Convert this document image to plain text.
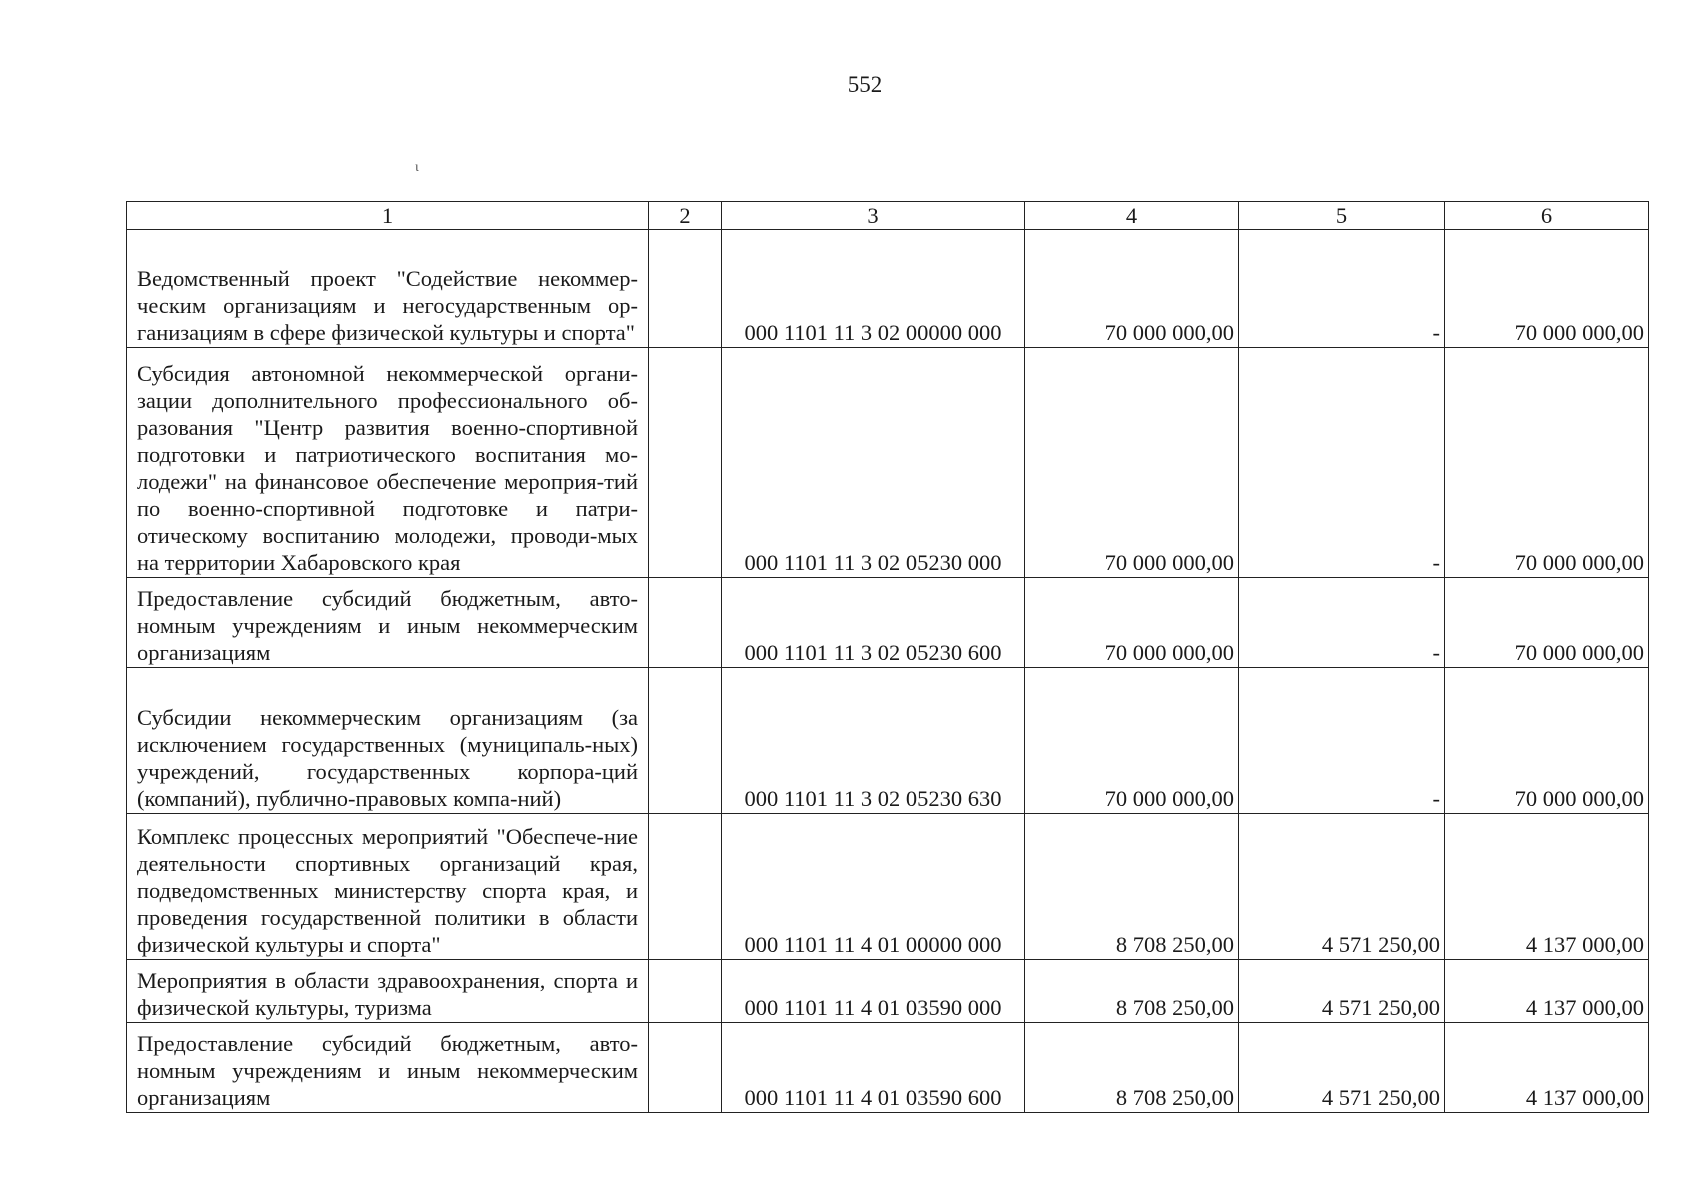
552
ι
1	2	3	4	5	6
Ведомственный проект "Содействие некоммер-ческим организациям и негосударственным ор-ганизациям в сфере физической культуры и спорта"		000 1101 11 3 02 00000 000	70 000 000,00	-	70 000 000,00
Субсидия автономной некоммерческой органи-зации дополнительного профессионального об-разования "Центр развития военно-спортивной подготовки и патриотического воспитания мо-лодежи" на финансовое обеспечение мероприя-тий по военно-спортивной подготовке и патри-отическому воспитанию молодежи, проводи-мых на территории Хабаровского края		000 1101 11 3 02 05230 000	70 000 000,00	-	70 000 000,00
Предоставление субсидий бюджетным, авто-номным учреждениям и иным некоммерческим организациям		000 1101 11 3 02 05230 600	70 000 000,00	-	70 000 000,00
Субсидии некоммерческим организациям (за исключением государственных (муниципаль-ных) учреждений, государственных корпора-ций (компаний), публично-правовых компа-ний)		000 1101 11 3 02 05230 630	70 000 000,00	-	70 000 000,00
Комплекс процессных мероприятий "Обеспече-ние деятельности спортивных организаций края, подведомственных министерству спорта края, и проведения государственной политики в области физической культуры и спорта"		000 1101 11 4 01 00000 000	8 708 250,00	4 571 250,00	4 137 000,00
Мероприятия в области здравоохранения, спорта и физической культуры, туризма		000 1101 11 4 01 03590 000	8 708 250,00	4 571 250,00	4 137 000,00
Предоставление субсидий бюджетным, авто-номным учреждениям и иным некоммерческим организациям		000 1101 11 4 01 03590 600	8 708 250,00	4 571 250,00	4 137 000,00
